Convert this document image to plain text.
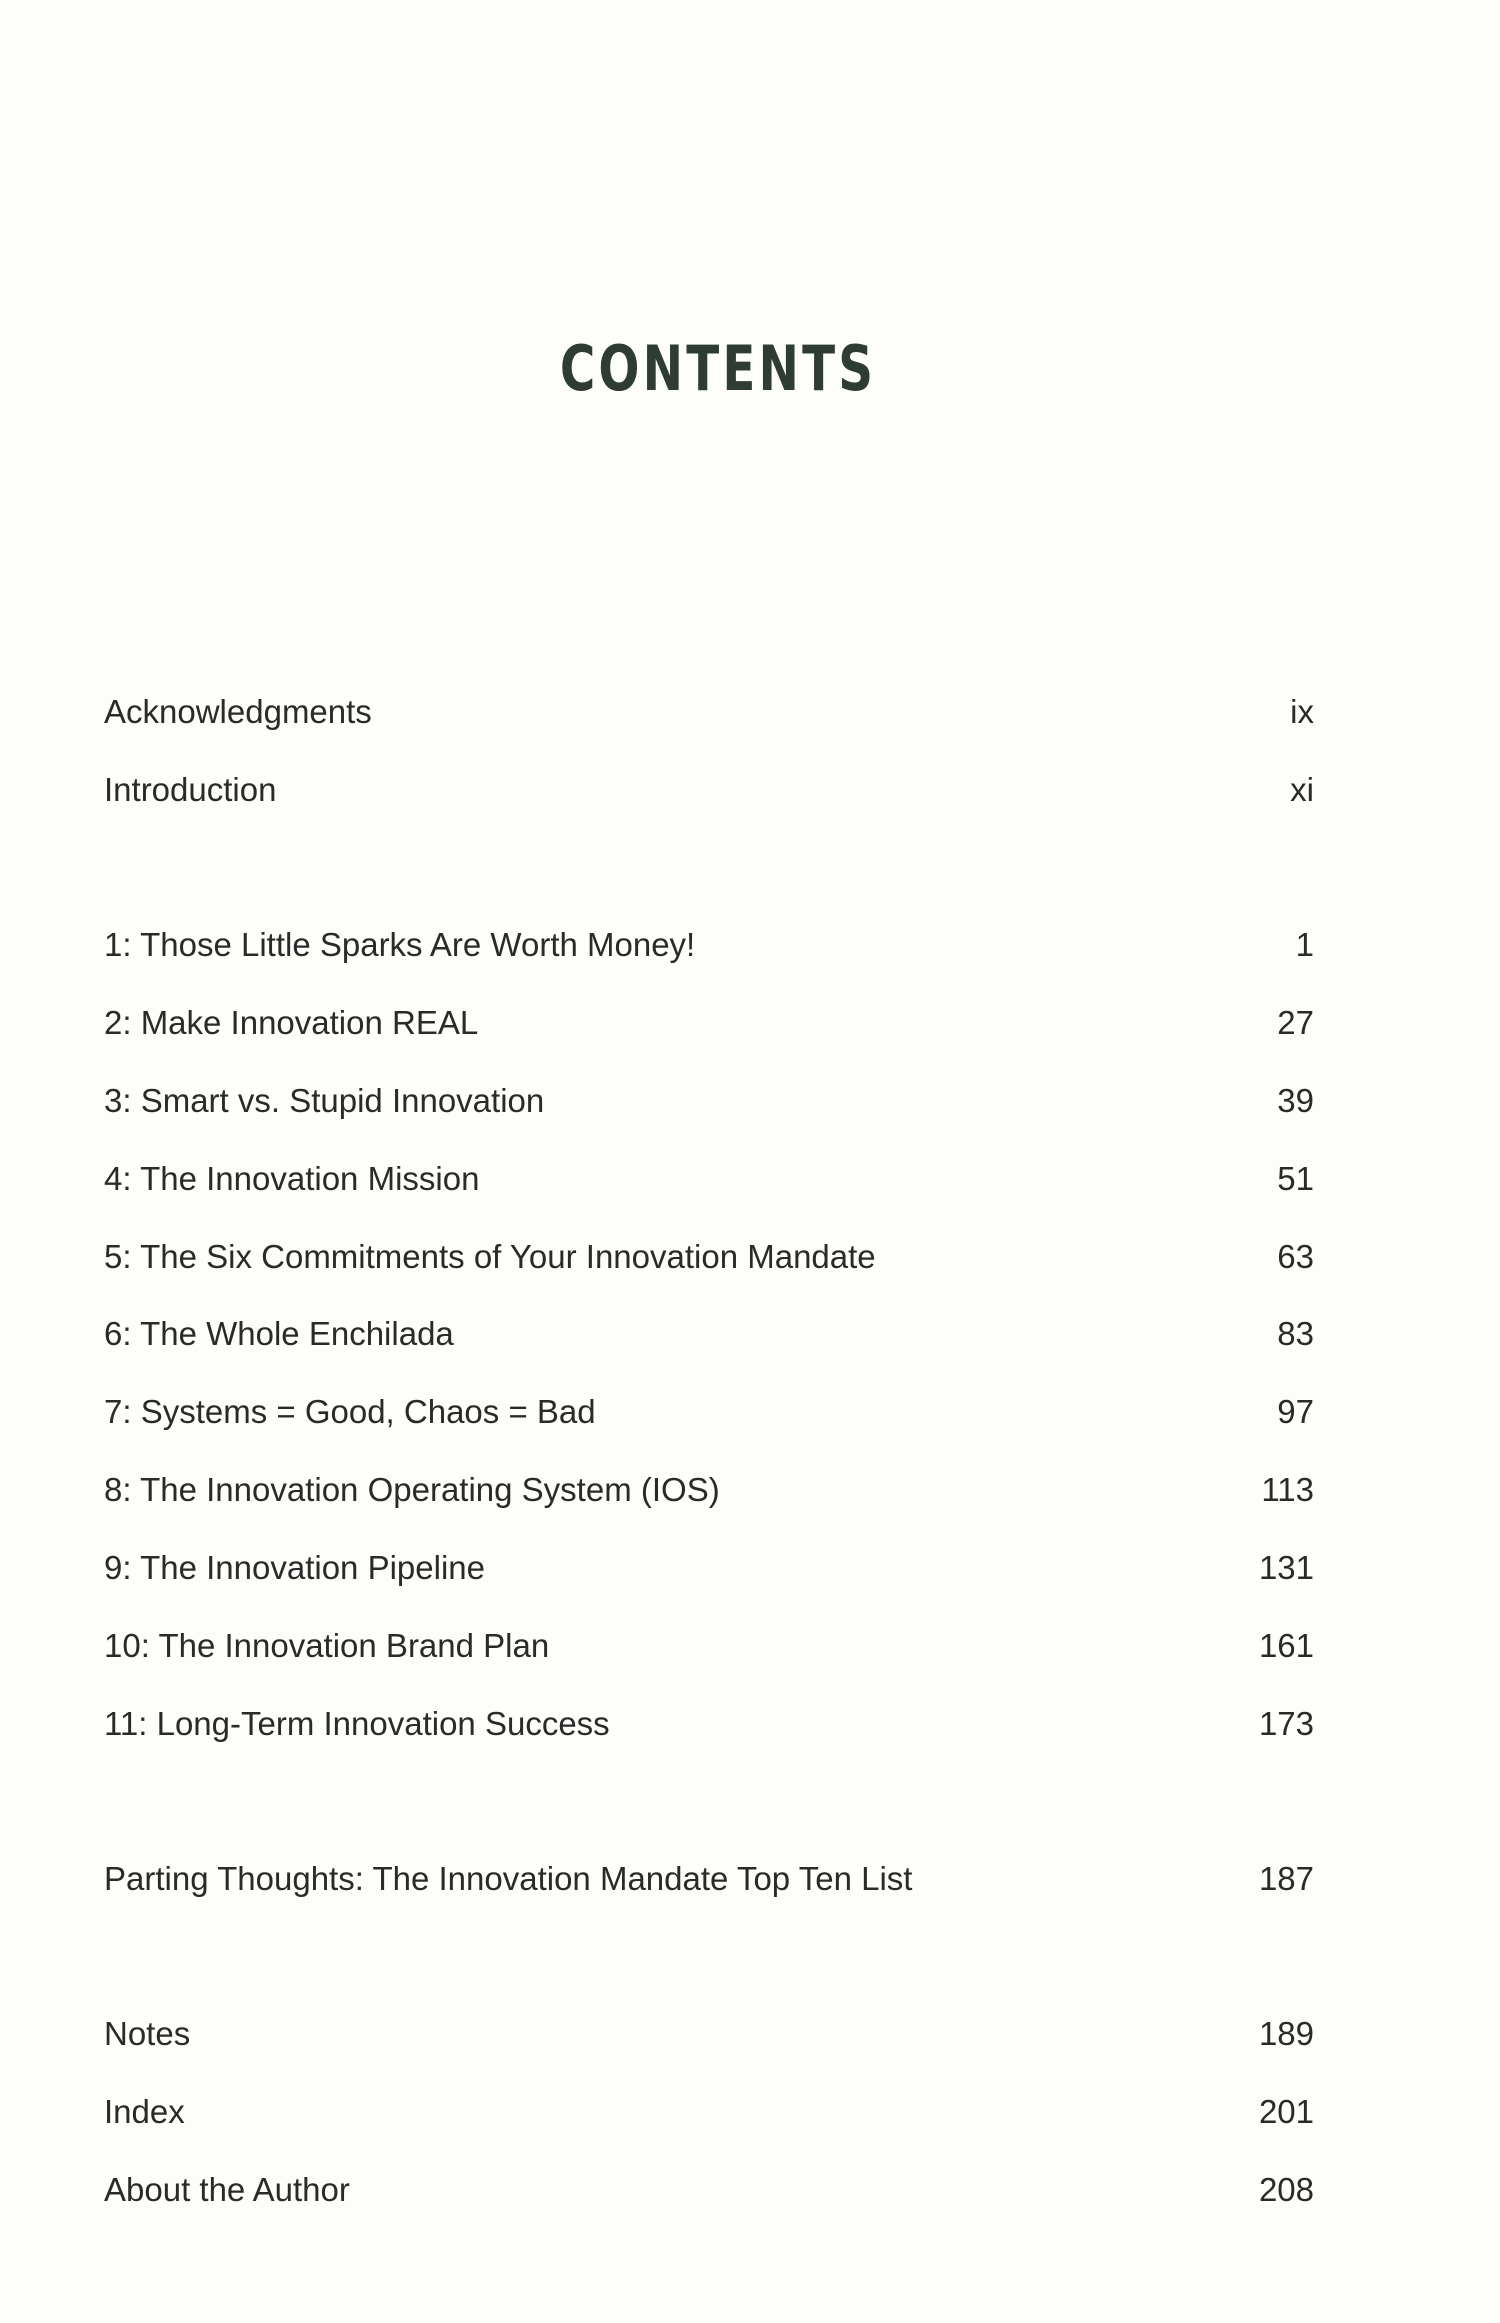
CONTENTS
Acknowledgments	ix
Introduction	xi
1: Those Little Sparks Are Worth Money!	1
2: Make Innovation REAL	27
3: Smart vs. Stupid Innovation	39
4: The Innovation Mission	51
5: The Six Commitments of Your Innovation Mandate	63
6: The Whole Enchilada	83
7: Systems = Good, Chaos = Bad	97
8: The Innovation Operating System (IOS)	113
9: The Innovation Pipeline	131
10: The Innovation Brand Plan	161
11: Long-Term Innovation Success	173
Parting Thoughts: The Innovation Mandate Top Ten List	187
Notes	189
Index	201
About the Author	208
